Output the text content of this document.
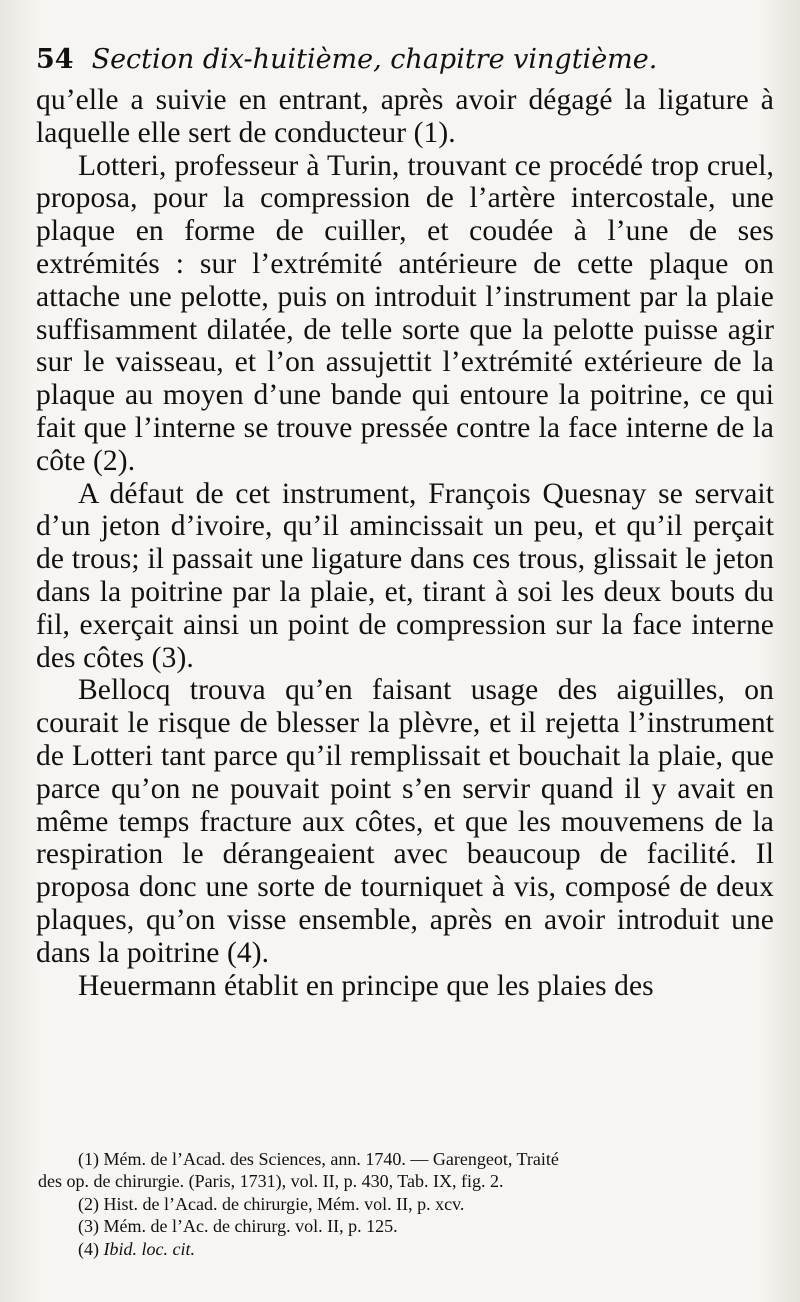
54 Section dix-huitième, chapitre vingtième.

qu’elle a suivie en entrant, après avoir dégagé la ligature à laquelle elle sert de conducteur (1).

Lotteri, professeur à Turin, trouvant ce procédé trop cruel, proposa, pour la compression de l’artère intercostale, une plaque en forme de cuiller, et coudée à l’une de ses extrémités : sur l’extrémité antérieure de cette plaque on attache une pelotte, puis on introduit l’instrument par la plaie suffisamment dilatée, de telle sorte que la pelotte puisse agir sur le vaisseau, et l’on assujettit l’extrémité extérieure de la plaque au moyen d’une bande qui entoure la poitrine, ce qui fait que l’interne se trouve pressée contre la face interne de la côte (2).

A défaut de cet instrument, François Quesnay se servait d’un jeton d’ivoire, qu’il amincissait un peu, et qu’il perçait de trous; il passait une ligature dans ces trous, glissait le jeton dans la poitrine par la plaie, et, tirant à soi les deux bouts du fil, exerçait ainsi un point de compression sur la face interne des côtes (3).

Bellocq trouva qu’en faisant usage des aiguilles, on courait le risque de blesser la plèvre, et il rejetta l’instrument de Lotteri tant parce qu’il remplissait et bouchait la plaie, que parce qu’on ne pouvait point s’en servir quand il y avait en même temps fracture aux côtes, et que les mouvemens de la respiration le dérangeaient avec beaucoup de facilité. Il proposa donc une sorte de tourniquet à vis, composé de deux plaques, qu’on visse ensemble, après en avoir introduit une dans la poitrine (4).

Heuermann établit en principe que les plaies des

(1) Mém. de l’Acad. des Sciences, ann. 1740. — Garengeot, Traité

des op. de chirurgie. (Paris, 1731), vol. II, p. 430, Tab. IX, fig. 2.

(2) Hist. de l’Acad. de chirurgie, Mém. vol. II, p. xcv.

(3) Mém. de l’Ac. de chirurg. vol. II, p. 125.

(4) Ibid. loc. cit.
